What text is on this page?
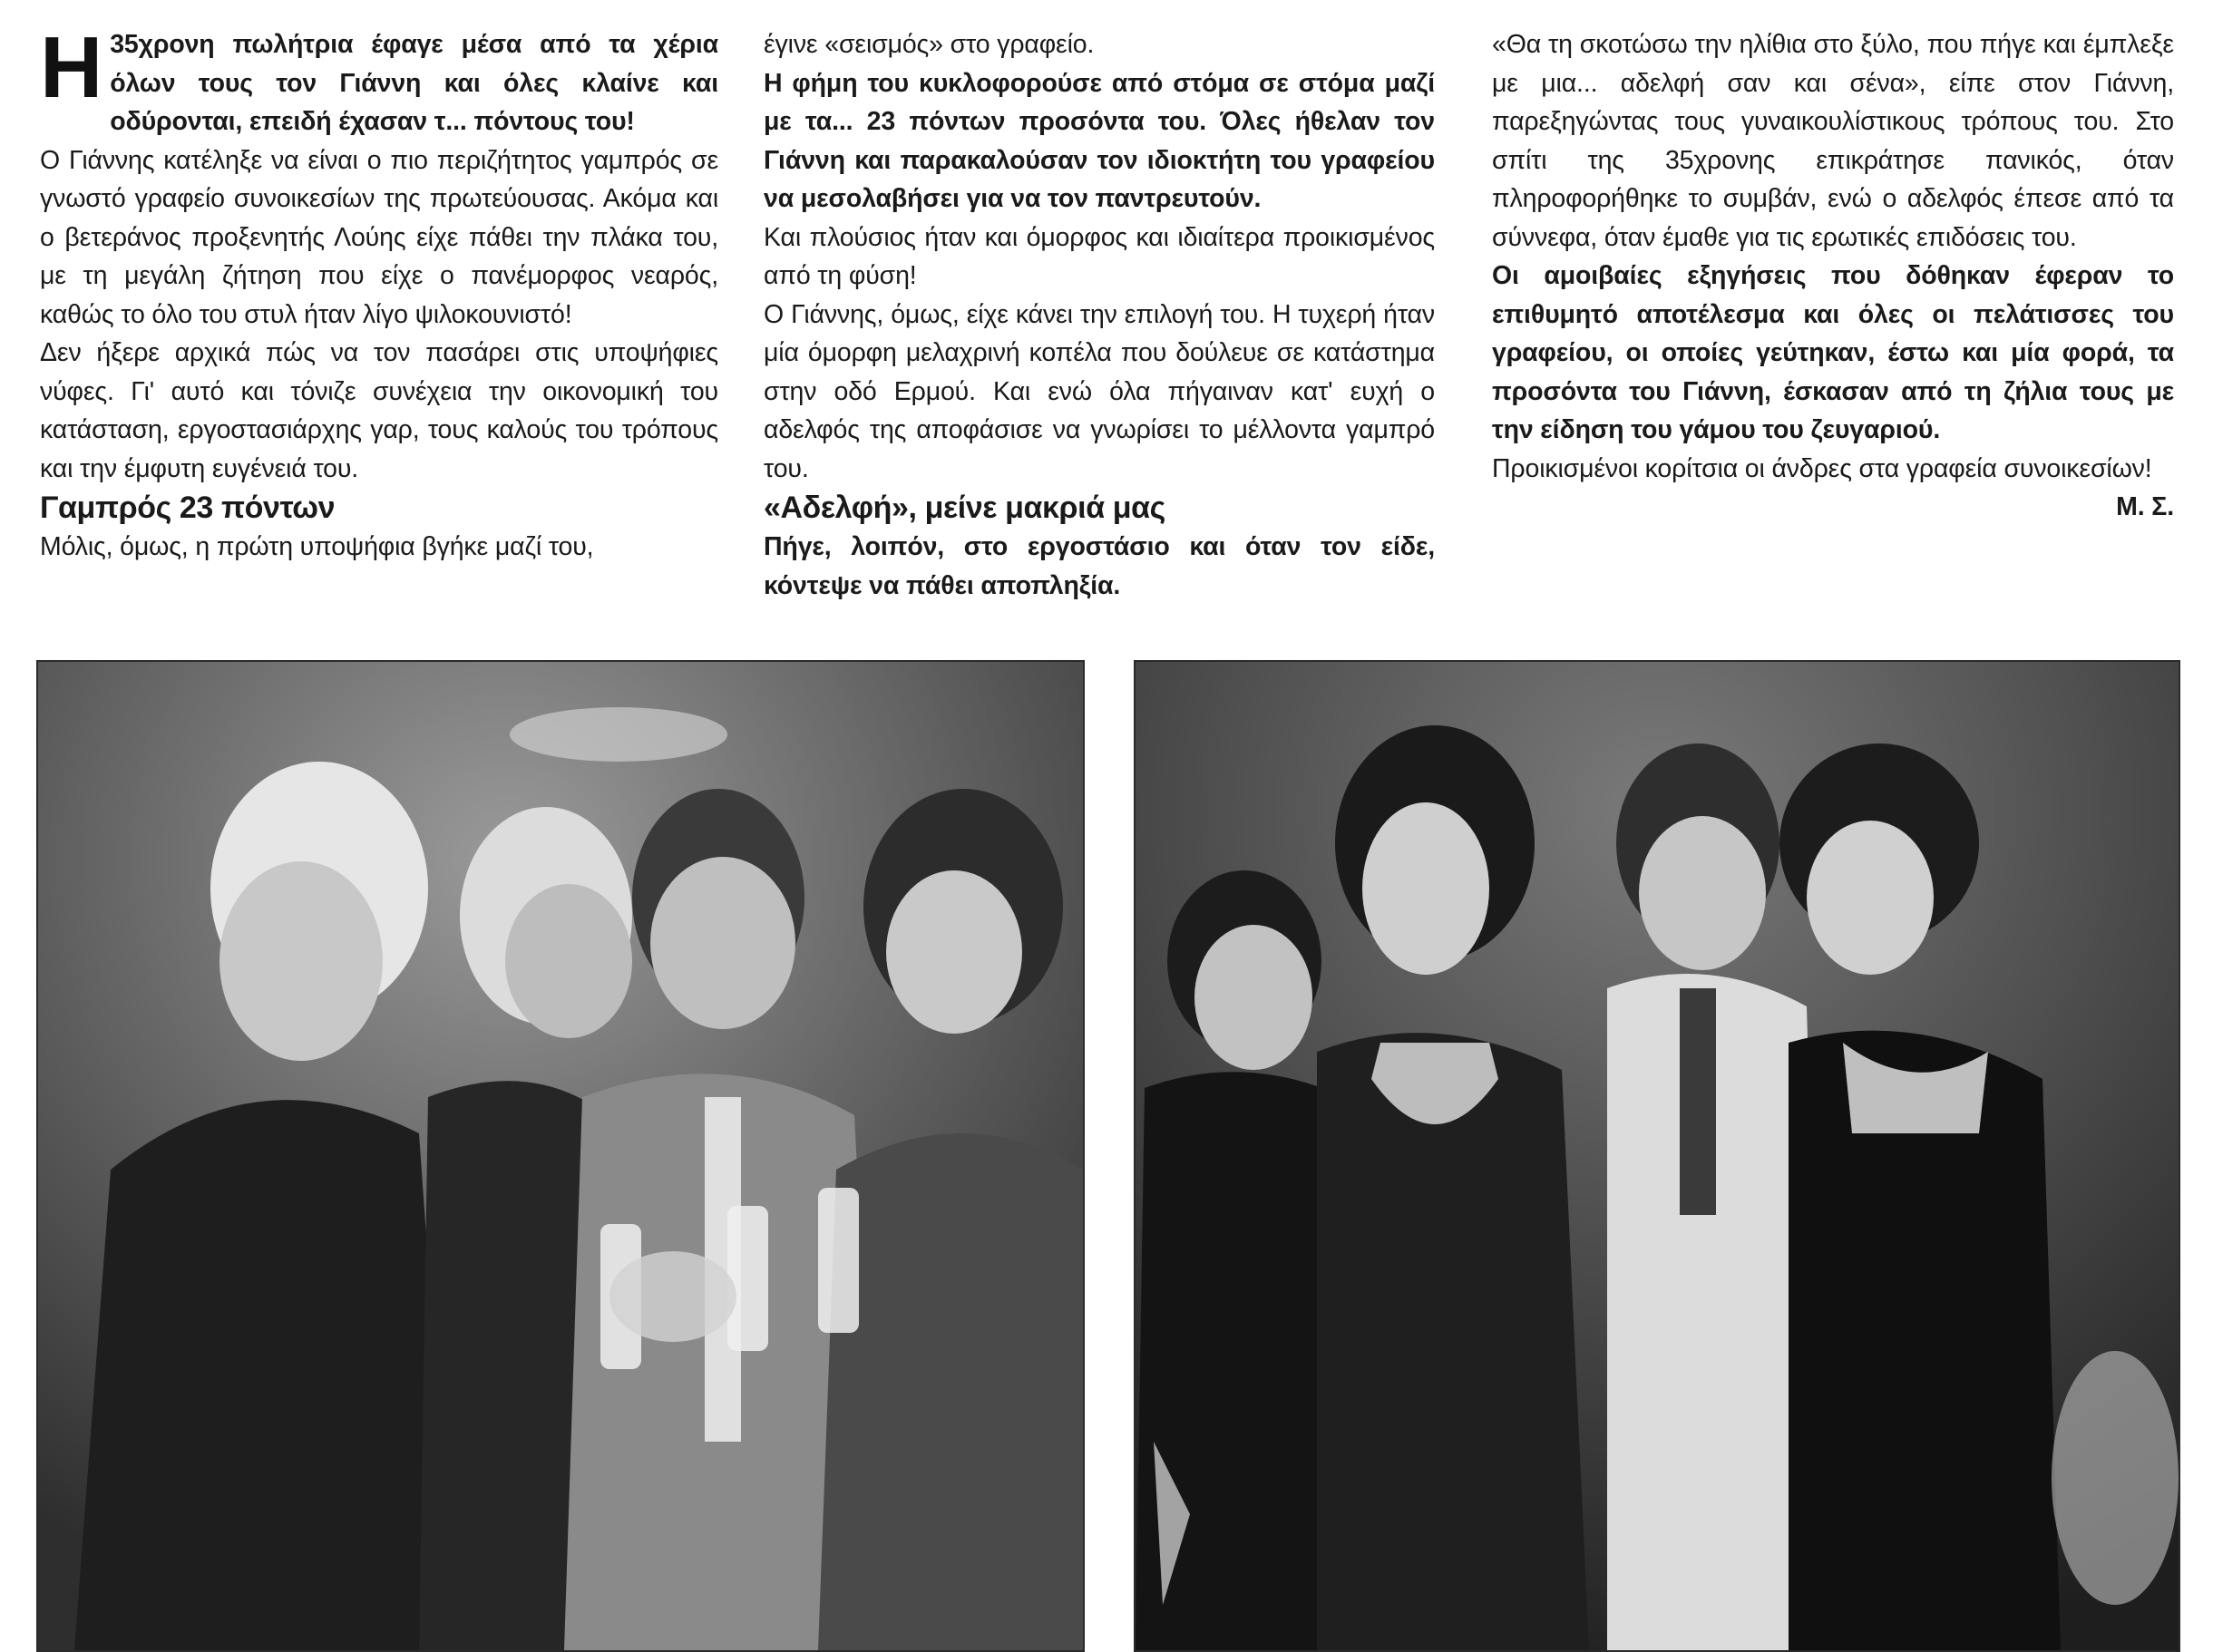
Η 35χρονη πωλήτρια έφαγε μέσα από τα χέρια όλων τους τον Γιάννη και όλες κλαίνε και οδύρονται, επειδή έχασαν τ... πόντους του!

Ο Γιάννης κατέληξε να είναι ο πιο περιζήτητος γαμπρός σε γνωστό γραφείο συνοικεσίων της πρωτεύουσας. Ακόμα και ο βετεράνος προξενητής Λούης είχε πάθει την πλάκα του, με τη μεγάλη ζήτηση που είχε ο πανέμορφος νεαρός, καθώς το όλο του στυλ ήταν λίγο ψιλοκουνιστό!

Δεν ήξερε αρχικά πώς να τον πασάρει στις υποψήφιες νύφες. Γι' αυτό και τόνιζε συνέχεια την οικονομική του κατάσταση, εργοστασιάρχης γαρ, τους καλούς του τρόπους και την έμφυτη ευγένειά του.

Γαμπρός 23 πόντων

Μόλις, όμως, η πρώτη υποψήφια βγήκε μαζί του,

έγινε «σεισμός» στο γραφείο.

Η φήμη του κυκλοφορούσε από στόμα σε στόμα μαζί με τα... 23 πόντων προσόντα του. Όλες ήθελαν τον Γιάννη και παρακαλούσαν τον ιδιοκτήτη του γραφείου να μεσολαβήσει για να τον παντρευτούν.

Και πλούσιος ήταν και όμορφος και ιδιαίτερα προικισμένος από τη φύση!

Ο Γιάννης, όμως, είχε κάνει την επιλογή του. Η τυχερή ήταν μία όμορφη μελαχρινή κοπέλα που δούλευε σε κατάστημα στην οδό Ερμού. Και ενώ όλα πήγαιναν κατ' ευχή ο αδελφός της αποφάσισε να γνωρίσει το μέλλοντα γαμπρό του.

«Αδελφή», μείνε μακριά μας

Πήγε, λοιπόν, στο εργοστάσιο και όταν τον είδε, κόντεψε να πάθει αποπληξία.

«Θα τη σκοτώσω την ηλίθια στο ξύλο, που πήγε και έμπλεξε με μια... αδελφή σαν και σένα», είπε στον Γιάννη, παρεξηγώντας τους γυναικουλίστικους τρόπους του. Στο σπίτι της 35χρονης επικράτησε πανικός, όταν πληροφορήθηκε το συμβάν, ενώ ο αδελφός έπεσε από τα σύννεφα, όταν έμαθε για τις ερωτικές επιδόσεις του.

Οι αμοιβαίες εξηγήσεις που δόθηκαν έφεραν το επιθυμητό αποτέλεσμα και όλες οι πελάτισσες του γραφείου, οι οποίες γεύτηκαν, έστω και μία φορά, τα προσόντα του Γιάννη, έσκασαν από τη ζήλια τους με την είδηση του γάμου του ζευγαριού.

Προικισμένοι κορίτσια οι άνδρες στα γραφεία συνοικεσίων!

Μ. Σ.
